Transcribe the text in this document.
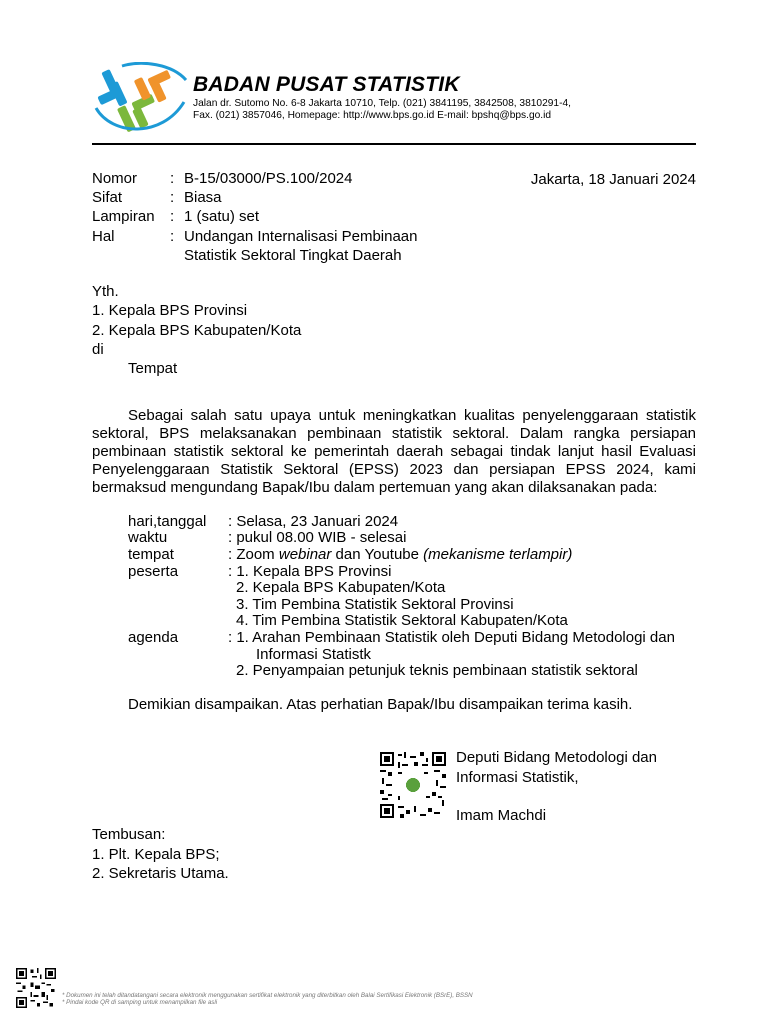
BADAN PUSAT STATISTIK
Jalan dr. Sutomo No. 6-8 Jakarta 10710, Telp. (021) 3841195, 3842508, 3810291-4,
Fax. (021) 3857046, Homepage: http://www.bps.go.id E-mail: bpshq@bps.go.id
Nomor : B-15/03000/PS.100/2024	Jakarta, 18 Januari 2024
Sifat	: Biasa
Lampiran : 1 (satu) set
Hal	: Undangan Internalisasi Pembinaan
Statistik Sektoral Tingkat Daerah
Yth.
1. Kepala BPS Provinsi
2. Kepala BPS Kabupaten/Kota
di
Tempat
Sebagai salah satu upaya untuk meningkatkan kualitas penyelenggaraan statistik sektoral, BPS melaksanakan pembinaan statistik sektoral. Dalam rangka persiapan pembinaan statistik sektoral ke pemerintah daerah sebagai tindak lanjut hasil Evaluasi Penyelenggaraan Statistik Sektoral (EPSS) 2023 dan persiapan EPSS 2024, kami bermaksud mengundang Bapak/Ibu dalam pertemuan yang akan dilaksanakan pada:
hari,tanggal : Selasa, 23 Januari 2024
waktu	: pukul 08.00 WIB - selesai
tempat	: Zoom webinar dan Youtube (mekanisme terlampir)
peserta	: 1. Kepala BPS Provinsi
2. Kepala BPS Kabupaten/Kota
3. Tim Pembina Statistik Sektoral Provinsi
4. Tim Pembina Statistik Sektoral Kabupaten/Kota
agenda	: 1. Arahan Pembinaan Statistik oleh Deputi Bidang Metodologi dan
Informasi Statistk
2. Penyampaian petunjuk teknis pembinaan statistik sektoral
Demikian disampaikan. Atas perhatian Bapak/Ibu disampaikan terima kasih.
Deputi Bidang Metodologi dan
Informasi Statistik,
Imam Machdi
Tembusan:
1. Plt. Kepala BPS;
2. Sekretaris Utama.
* Dokumen ini telah ditandatangani secara elektronik menggunakan sertifikat elektronik yang diterbitkan oleh Balai Sertifikasi Elektronik (BSrE), BSSN
* Pindai kode QR di samping untuk menampilkan file asli
